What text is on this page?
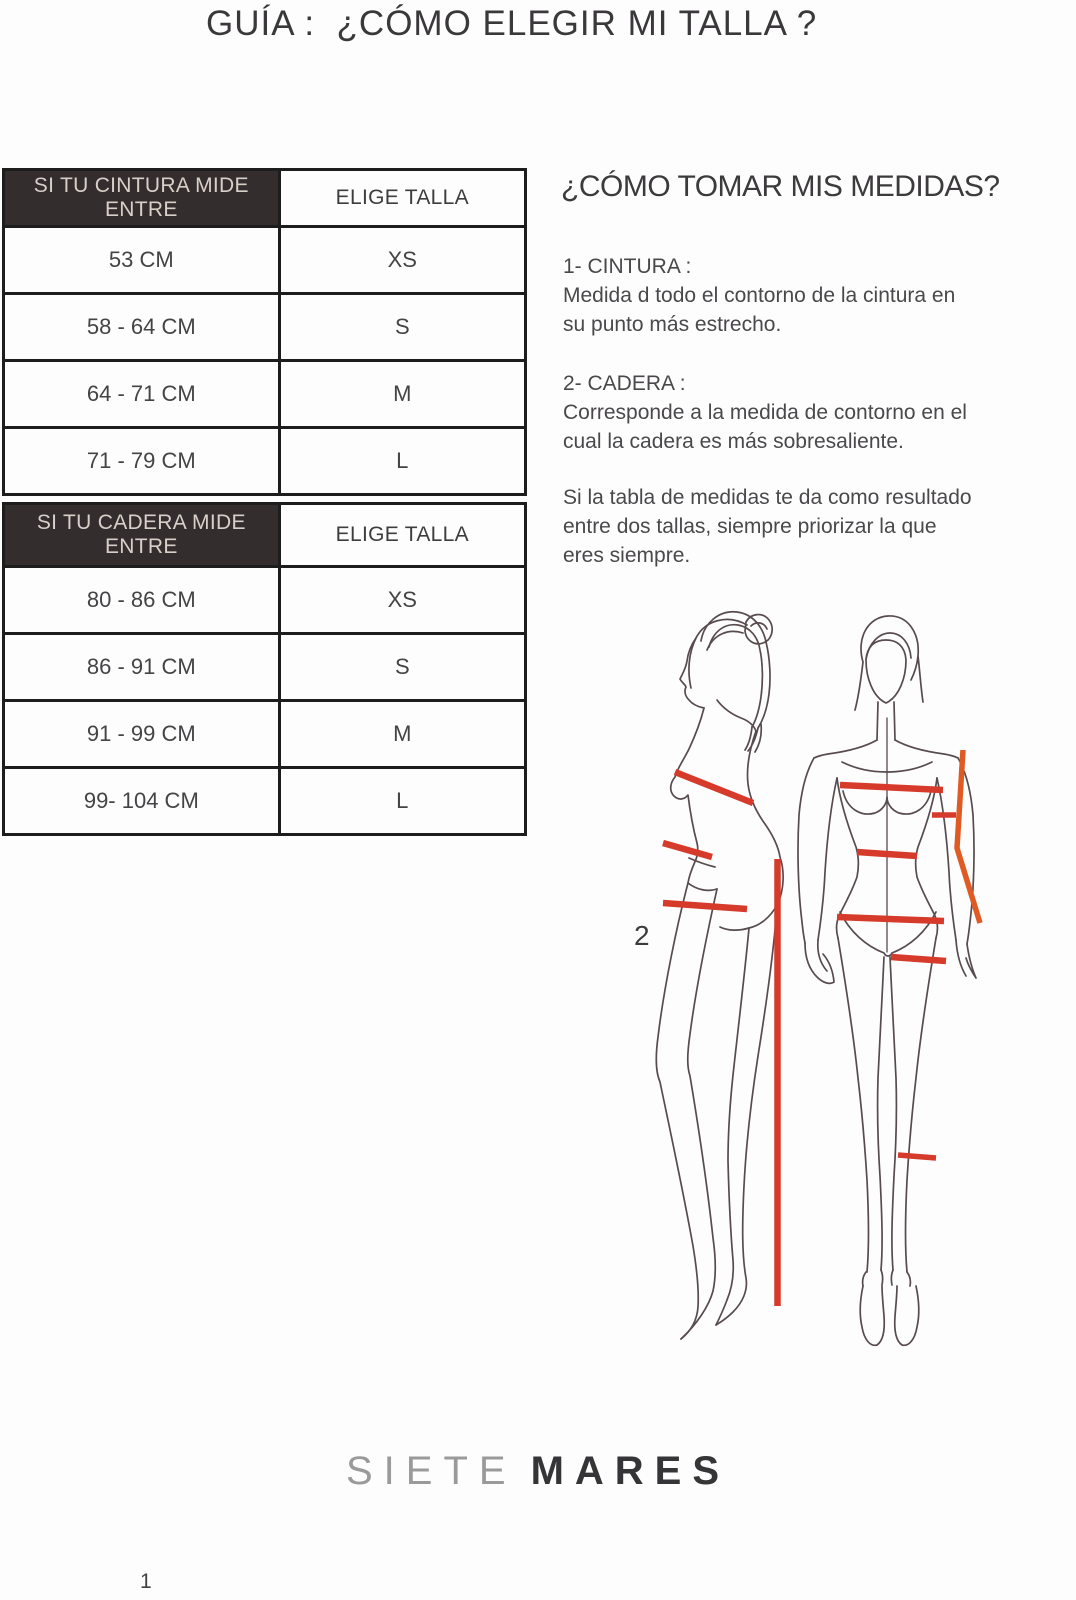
GUÍA :  ¿CÓMO ELEGIR MI TALLA ?
SI TU CINTURA MIDE ENTRE	ELIGE TALLA
53 CM	XS
58 - 64 CM	S
64 - 71 CM	M
71 - 79 CM	L
SI TU CADERA MIDE ENTRE	ELIGE TALLA
80 - 86 CM	XS
86 - 91 CM	S
91 - 99 CM	M
99- 104 CM	L
¿CÓMO TOMAR MIS MEDIDAS?
1- CINTURA :
Medida d todo el contorno de la cintura en
su punto más estrecho.
2- CADERA :
Corresponde a la medida de contorno en el
cual la cadera es más sobresaliente.
Si la tabla de medidas te da como resultado
entre dos tallas, siempre priorizar la que
eres siempre.
2
SIETE MARES
1
